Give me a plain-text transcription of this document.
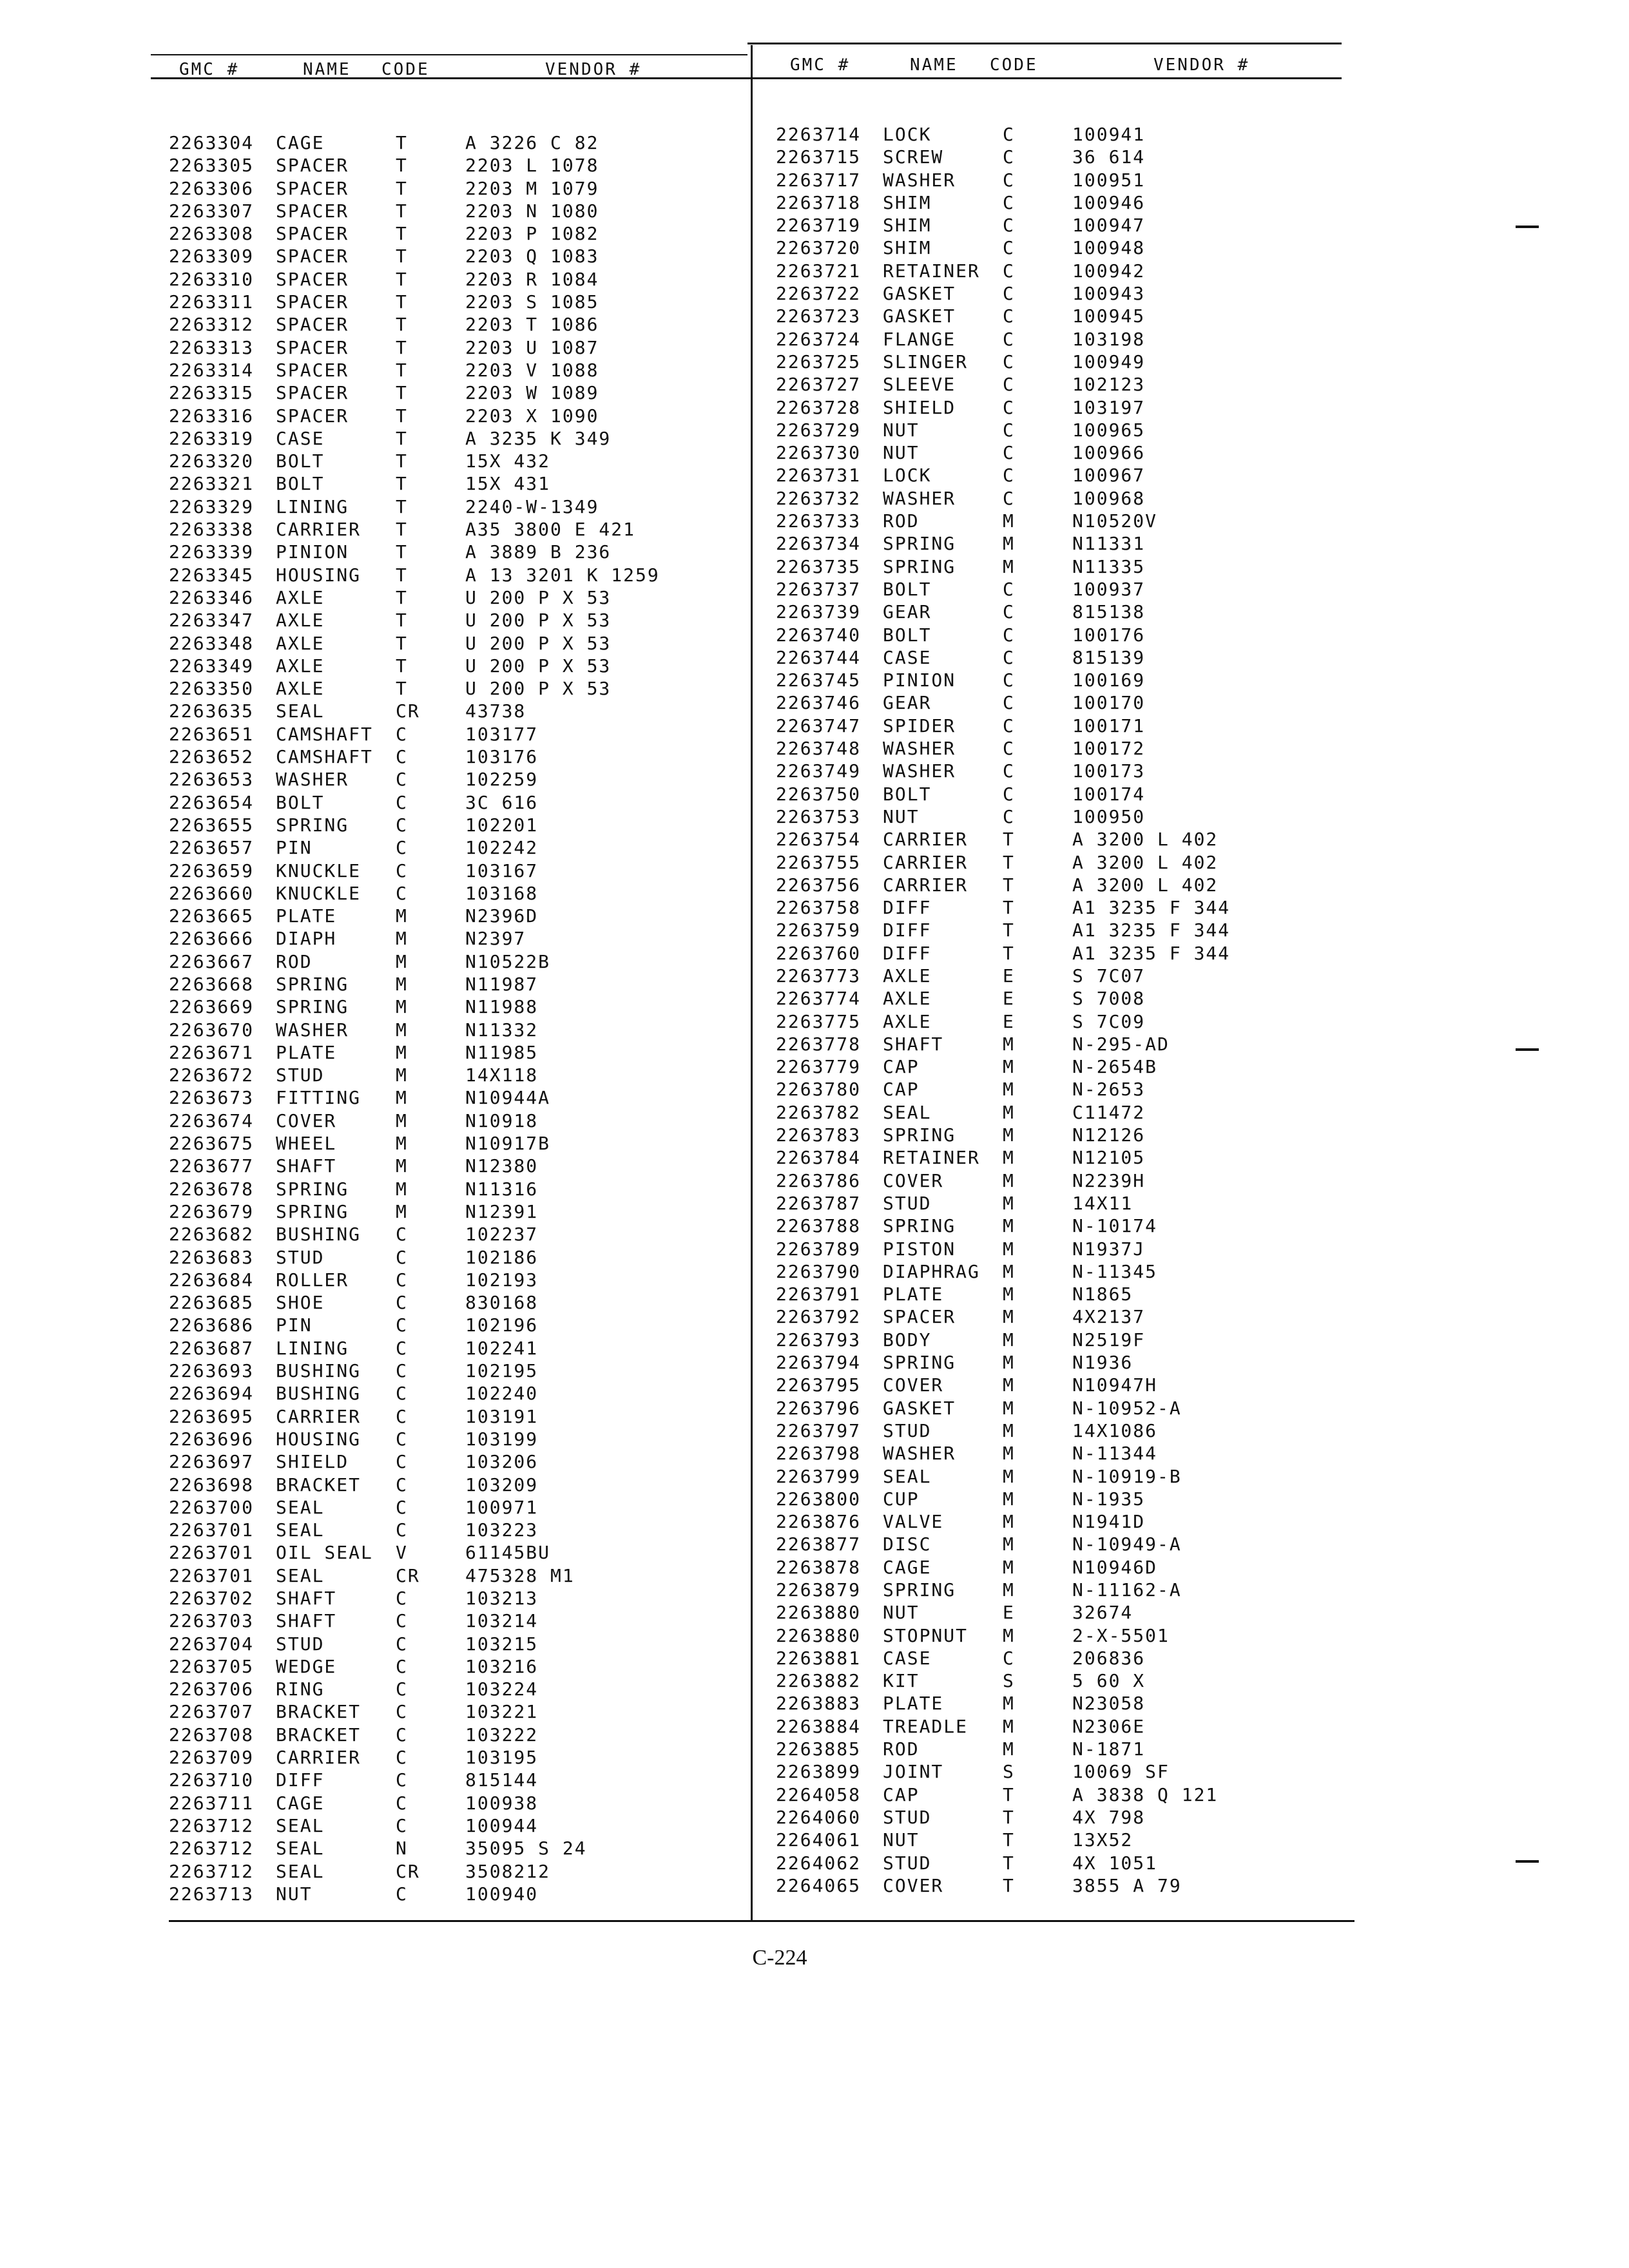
GMC #	NAME CODE	VENDOR #	GMC #	NAME CODE	VENDOR #
2263304 CAGE	T	A 3226 C 82
2263305 SPACER	T	2203 L 1078
2263306 SPACER	T	2203 M 1079
2263307 SPACER	T	2203 N 1080
2263308 SPACER	T	2203 P 1082
2263309 SPACER	T	2203 Q 1083
2263310 SPACER	T	2203 R 1084
2263311 SPACER	T	2203 S 1085
2263312 SPACER	T	2203 T 1086
2263313 SPACER	T	2203 U 1087
2263314 SPACER	T	2203 V 1088
2263315 SPACER	T	2203 W 1089
2263316 SPACER	T	2203 X 1090
2263319 CASE	T	A 3235 K 349
2263320 BOLT	T	15X 432
2263321 BOLT	T	15X 431
2263329 LINING	T	2240-W-1349
2263338 CARRIER T	A35 3800 E 421
2263339 PINION	T	A 3889 B 236
2263345 HOUSING T	A 13 3201 K 1259
2263346 AXLE	T	U 200 P X 53
2263347 AXLE	T	U 200 P X 53
2263348 AXLE	T	U 200 P X 53
2263349 AXLE	T	U 200 P X 53
2263350 AXLE	T	U 200 P X 53
2263635 SEAL	CR	43738
2263651 CAMSHAFT C	103177
2263652 CAMSHAFT C	103176
2263653 WASHER	C	102259
2263654 BOLT	C	3C 616
2263655 SPRING	C	102201
2263657 PIN	C	102242
2263659 KNUCKLE C	103167
2263660 KNUCKLE C	103168
2263665 PLATE	M	N2396D
2263666 DIAPH	M	N2397
2263667 ROD	M	N10522B
2263668 SPRING	M	N11987
2263669 SPRING	M	N11988
2263670 WASHER	M	N11332
2263671 PLATE	M	N11985
2263672 STUD	M	14X118
2263673 FITTING M	N10944A
2263674 COVER	M	N10918
2263675 WHEEL	M	N10917B
2263677 SHAFT	M	N12380
2263678 SPRING	M	N11316
2263679 SPRING	M	N12391
2263682 BUSHING C	102237
2263683 STUD	C	102186
2263684 ROLLER	C	102193
2263685 SHOE	C	830168
2263686 PIN	C	102196
2263687 LINING	C	102241
2263693 BUSHING C	102195
2263694 BUSHING C	102240
2263695 CARRIER C	103191
2263696 HOUSING C	103199
2263697 SHIELD	C	103206
2263698 BRACKET C	103209
2263700 SEAL	C	100971
2263701 SEAL	C	103223
2263701 OIL SEAL V	61145BU
2263701 SEAL	CR	475328 M1
2263702 SHAFT	C	103213
2263703 SHAFT	C	103214
2263704 STUD	C	103215
2263705 WEDGE	C	103216
2263706 RING	C	103224
2263707 BRACKET C	103221
2263708 BRACKET C	103222
2263709 CARRIER C	103195
2263710 DIFF	C	815144
2263711 CAGE	C	100938
2263712 SEAL	C	100944
2263712 SEAL	N	35095 S 24
2263712 SEAL	CR	3508212
2263713 NUT	C	100940
2263714 LOCK	C	100941
2263715 SCREW	C	36 614
2263717 WASHER	C	100951
2263718 SHIM	C	100946
2263719 SHIM	C	100947
2263720 SHIM	C	100948
2263721 RETAINER C	100942
2263722 GASKET	C	100943
2263723 GASKET	C	100945
2263724 FLANGE	C	103198
2263725 SLINGER C	100949
2263727 SLEEVE	C	102123
2263728 SHIELD	C	103197
2263729 NUT	C	100965
2263730 NUT	C	100966
2263731 LOCK	C	100967
2263732 WASHER	C	100968
2263733 ROD	M	N10520V
2263734 SPRING	M	N11331
2263735 SPRING	M	N11335
2263737 BOLT	C	100937
2263739 GEAR	C	815138
2263740 BOLT	C	100176
2263744 CASE	C	815139
2263745 PINION	C	100169
2263746 GEAR	C	100170
2263747 SPIDER	C	100171
2263748 WASHER	C	100172
2263749 WASHER	C	100173
2263750 BOLT	C	100174
2263753 NUT	C	100950
2263754 CARRIER T	A 3200 L 402
2263755 CARRIER T	A 3200 L 402
2263756 CARRIER T	A 3200 L 402
2263758 DIFF	T	A1 3235 F 344
2263759 DIFF	T	A1 3235 F 344
2263760 DIFF	T	A1 3235 F 344
2263773 AXLE	E	S 7C07
2263774 AXLE	E	S 7008
2263775 AXLE	E	S 7C09
2263778 SHAFT	M	N-295-AD
2263779 CAP	M	N-2654B
2263780 CAP	M	N-2653
2263782 SEAL	M	C11472
2263783 SPRING	M	N12126
2263784 RETAINER M	N12105
2263786 COVER	M	N2239H
2263787 STUD	M	14X11
2263788 SPRING	M	N-10174
2263789 PISTON	M	N1937J
2263790 DIAPHRAG M	N-11345
2263791 PLATE	M	N1865
2263792 SPACER	M	4X2137
2263793 BODY	M	N2519F
2263794 SPRING	M	N1936
2263795 COVER	M	N10947H
2263796 GASKET	M	N-10952-A
2263797 STUD	M	14X1086
2263798 WASHER	M	N-11344
2263799 SEAL	M	N-10919-B
2263800 CUP	M	N-1935
2263876 VALVE	M	N1941D
2263877 DISC	M	N-10949-A
2263878 CAGE	M	N10946D
2263879 SPRING	M	N-11162-A
2263880 NUT	E	32674
2263880 STOPNUT M	2-X-5501
2263881 CASE	C	206836
2263882 KIT	S	5 60 X
2263883 PLATE	M	N23058
2263884 TREADLE M	N2306E
2263885 ROD	M	N-1871
2263899 JOINT	S	10069 SF
2264058 CAP	T	A 3838 Q 121
2264060 STUD	T	4X 798
2264061 NUT	T	13X52
2264062 STUD	T	4X 1051
2264065 COVER	T	3855 A 79
C-224
